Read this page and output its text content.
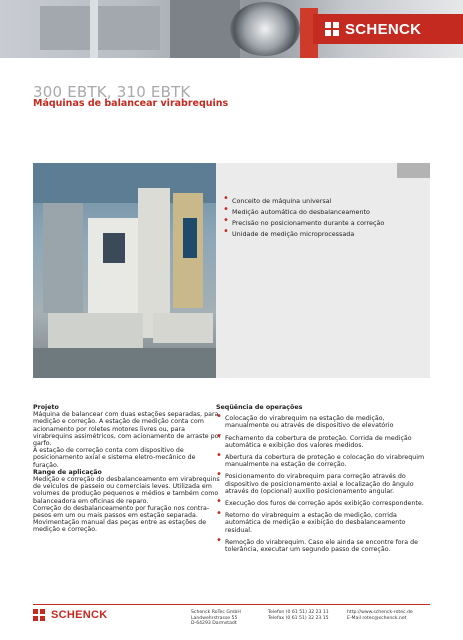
SCHENCK
300 EBTK, 310 EBTK
Máquinas de balancear virabrequins
• Conceito de máquina universal
• Medição automática do desbalanceamento
• Precisão no posicionamento durante a correção
• Unidade de medição microprocessada
Projeto

Máquina de balancear com duas estações separadas, para medição e correção. A estação de medição conta com acionamento por roletes motores livres ou, para virabrequins assimétricos, com acionamento de arraste por garfo.

A estação de correção conta com dispositivo de posicionamento axial e sistema eletro-mecânico de furação.

Range de aplicação

Medição e correção do desbalanceamento em virabrequins de veículos de passeio ou comerciais leves. Utilizada em volumes de produção pequenos e médios e também como balanceadora em oficinas de reparo.

Correção do desbalanceamento por furação nos contra-pesos em um ou mais passos em estação separada. Movimentação manual das peças entre as estações de medição e correção.

Seqüência de operações
• Colocação do virabrequim na estação de medição, manualmente ou através de dispositivo de elevatório
• Fechamento da cobertura de proteção. Corrida de medição automática e exibição dos valores medidos.
• Abertura da cobertura de proteção e colocação do virabrequim manualmente na estação de correção.
• Posicionamento do virabrequim para correção através do dispositivo de posicionamento axial e localização do ângulo através do (opcional) auxílio posicionamento angular.
• Execução dos furos de correção após exibição correspondente.
• Retorno do virabrequim a estação de medição, corrida automática de medição e exibição do desbalanceamento residual.
• Remoção do virabrequim. Caso ele ainda se encontre fora de tolerância, executar um segundo passo de correção.
SCHENCK	Schenck RoTec GmbH
Landwehrstrasse 55
D-64293 Darmstadt
Telefon (0 61 51) 32 23 11
Telefax (0 61 51) 32 23 15
http://www.schenck-rotec.de
E-Mail rotec@schenck.net
